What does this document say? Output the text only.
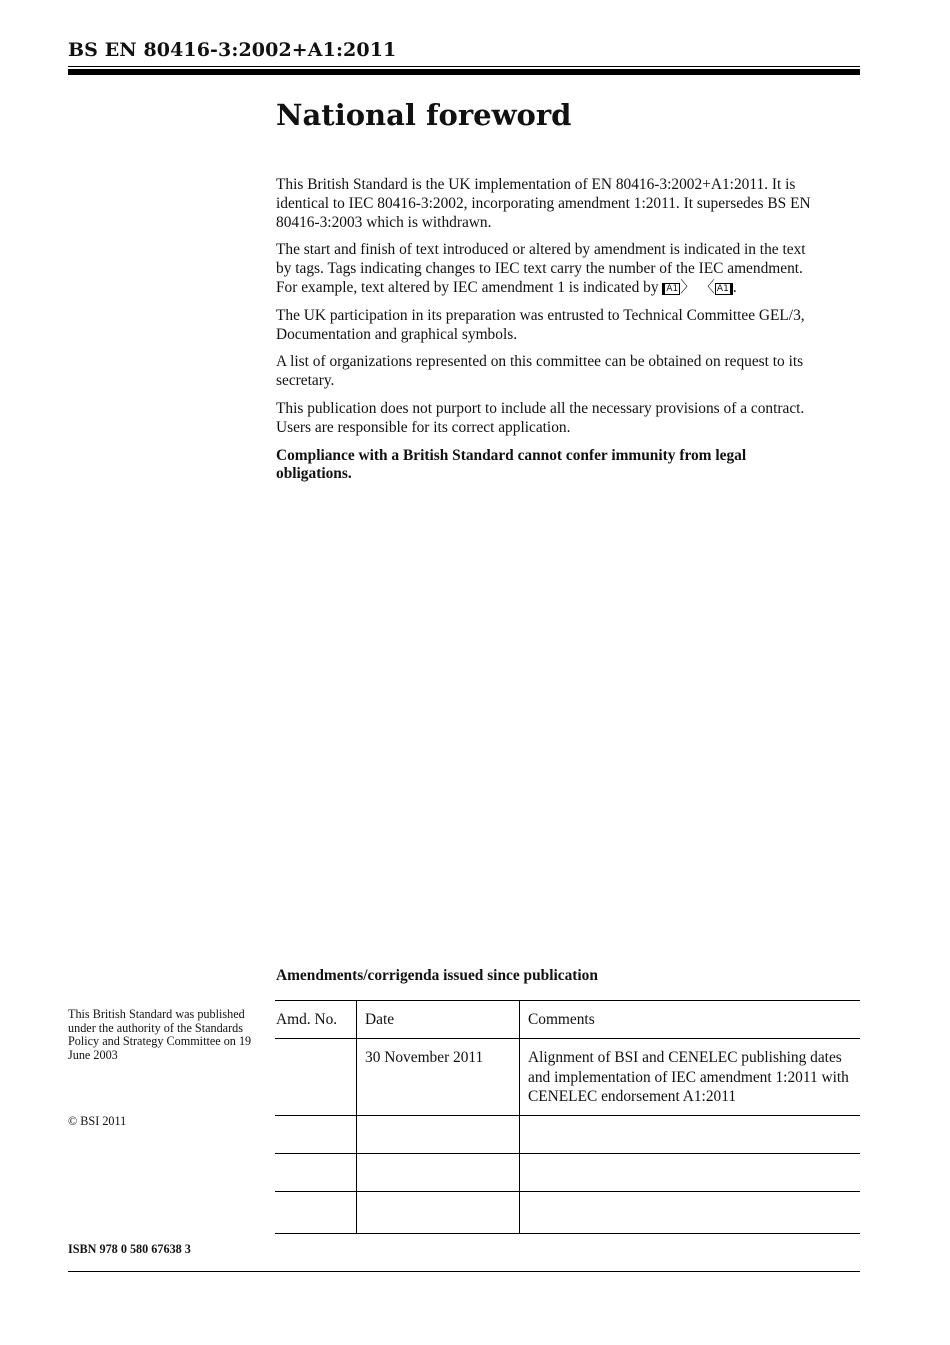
BS EN 80416-3:2002+A1:2011
National foreword

This British Standard is the UK implementation of EN 80416-3:2002+A1:2011. It is identical to IEC 80416-3:2002, incorporating amendment 1:2011. It supersedes BS EN 80416-3:2003 which is withdrawn.

The start and finish of text introduced or altered by amendment is indicated in the text by tags. Tags indicating changes to IEC text carry the number of the IEC amendment. For example, text altered by IEC amendment 1 is indicated by A1 〉 〈 A1 .

The UK participation in its preparation was entrusted to Technical Committee GEL/3, Documentation and graphical symbols.

A list of organizations represented on this committee can be obtained on request to its secretary.

This publication does not purport to include all the necessary provisions of a contract. Users are responsible for its correct application.

Compliance with a British Standard cannot confer immunity from legal obligations.

Amendments/corrigenda issued since publication
Amd. No.	Date	Comments
	30 November 2011	Alignment of BSI and CENELEC publishing dates and implementation of IEC amendment 1:2011 with CENELEC endorsement A1:2011

This British Standard was published under the authority of the Standards Policy and Strategy Committee on 19 June 2003
© BSI 2011
ISBN 978 0 580 67638 3
